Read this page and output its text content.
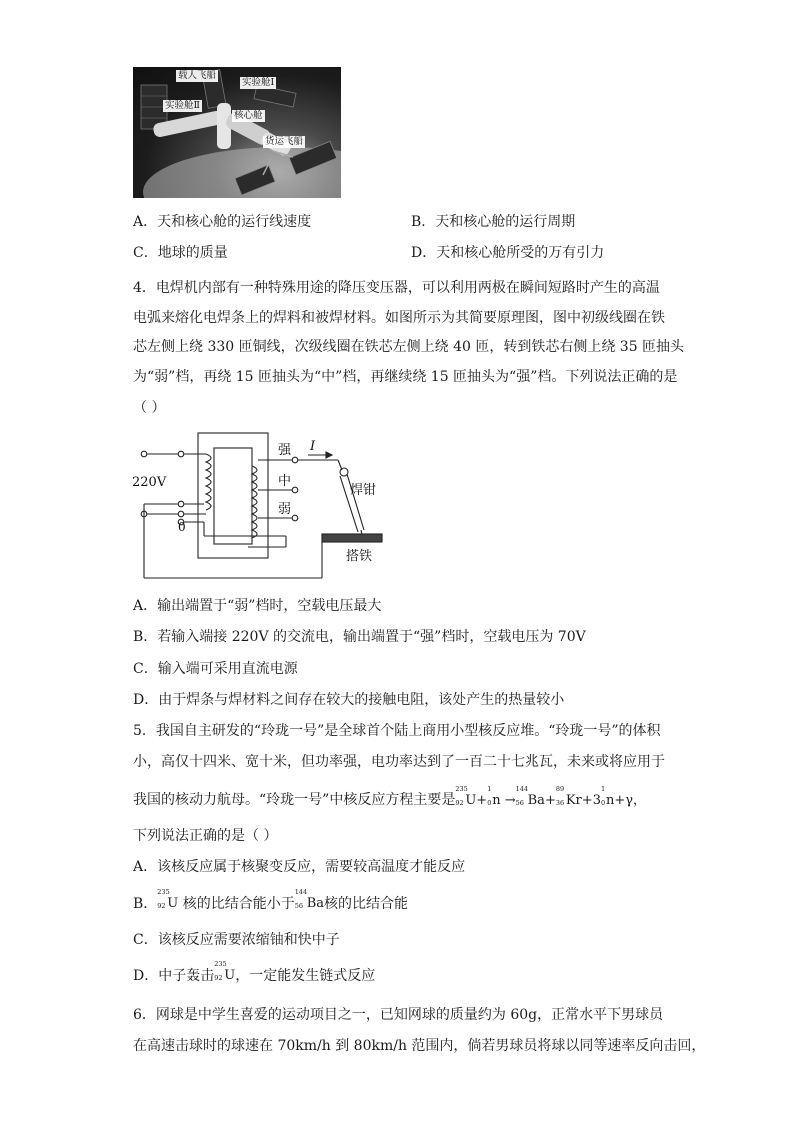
载人飞船
实验舱Ⅰ
实验舱Ⅱ
核心舱
货运飞船
A．天和核心舱的运行线速度	B．天和核心舱的运行周期
C．地球的质量	D．天和核心舱所受的万有引力
4．电焊机内部有一种特殊用途的降压变压器，可以利用两极在瞬间短路时产生的高温
电弧来熔化电焊条上的焊料和被焊材料。如图所示为其简要原理图，图中初级线圈在铁
芯左侧上绕 330 匝铜线，次级线圈在铁芯左侧上绕 40 匝，转到铁芯右侧上绕 35 匝抽头
为“弱”档，再绕 15 匝抽头为“中”档，再继续绕 15 匝抽头为“强”档。下列说法正确的是
（ ）
220V
0
强
中
弱
I
焊钳
搭铁
A．输出端置于“弱”档时，空载电压最大
B．若输入端接 220V 的交流电，输出端置于“强”档时，空载电压为 70V
C．输入端可采用直流电源
D．由于焊条与焊材料之间存在较大的接触电阻，该处产生的热量较小
5．我国自主研发的“玲珑一号”是全球首个陆上商用小型核反应堆。“玲珑一号”的体积
小，高仅十四米、宽十米，但功率强，电功率达到了一百二十七兆瓦，未来或将应用于
我国的核动力航母。“玲珑一号”中核反应方程主要是
235
92 U+
1
0 n →
144
56 Ba+
89
36 Kr+3
1
0 n+γ，
下列说法正确的是（ ）
A．该核反应属于核聚变反应，需要较高温度才能反应
B．
235
92 U 核的比结合能小于
144
56 Ba核的比结合能
C．该核反应需要浓缩铀和快中子
D．中子轰击
235
92 U，一定能发生链式反应
6．网球是中学生喜爱的运动项目之一，已知网球的质量约为 60g，正常水平下男球员
在高速击球时的球速在 70km/h 到 80km/h 范围内，倘若男球员将球以同等速率反向击回，
